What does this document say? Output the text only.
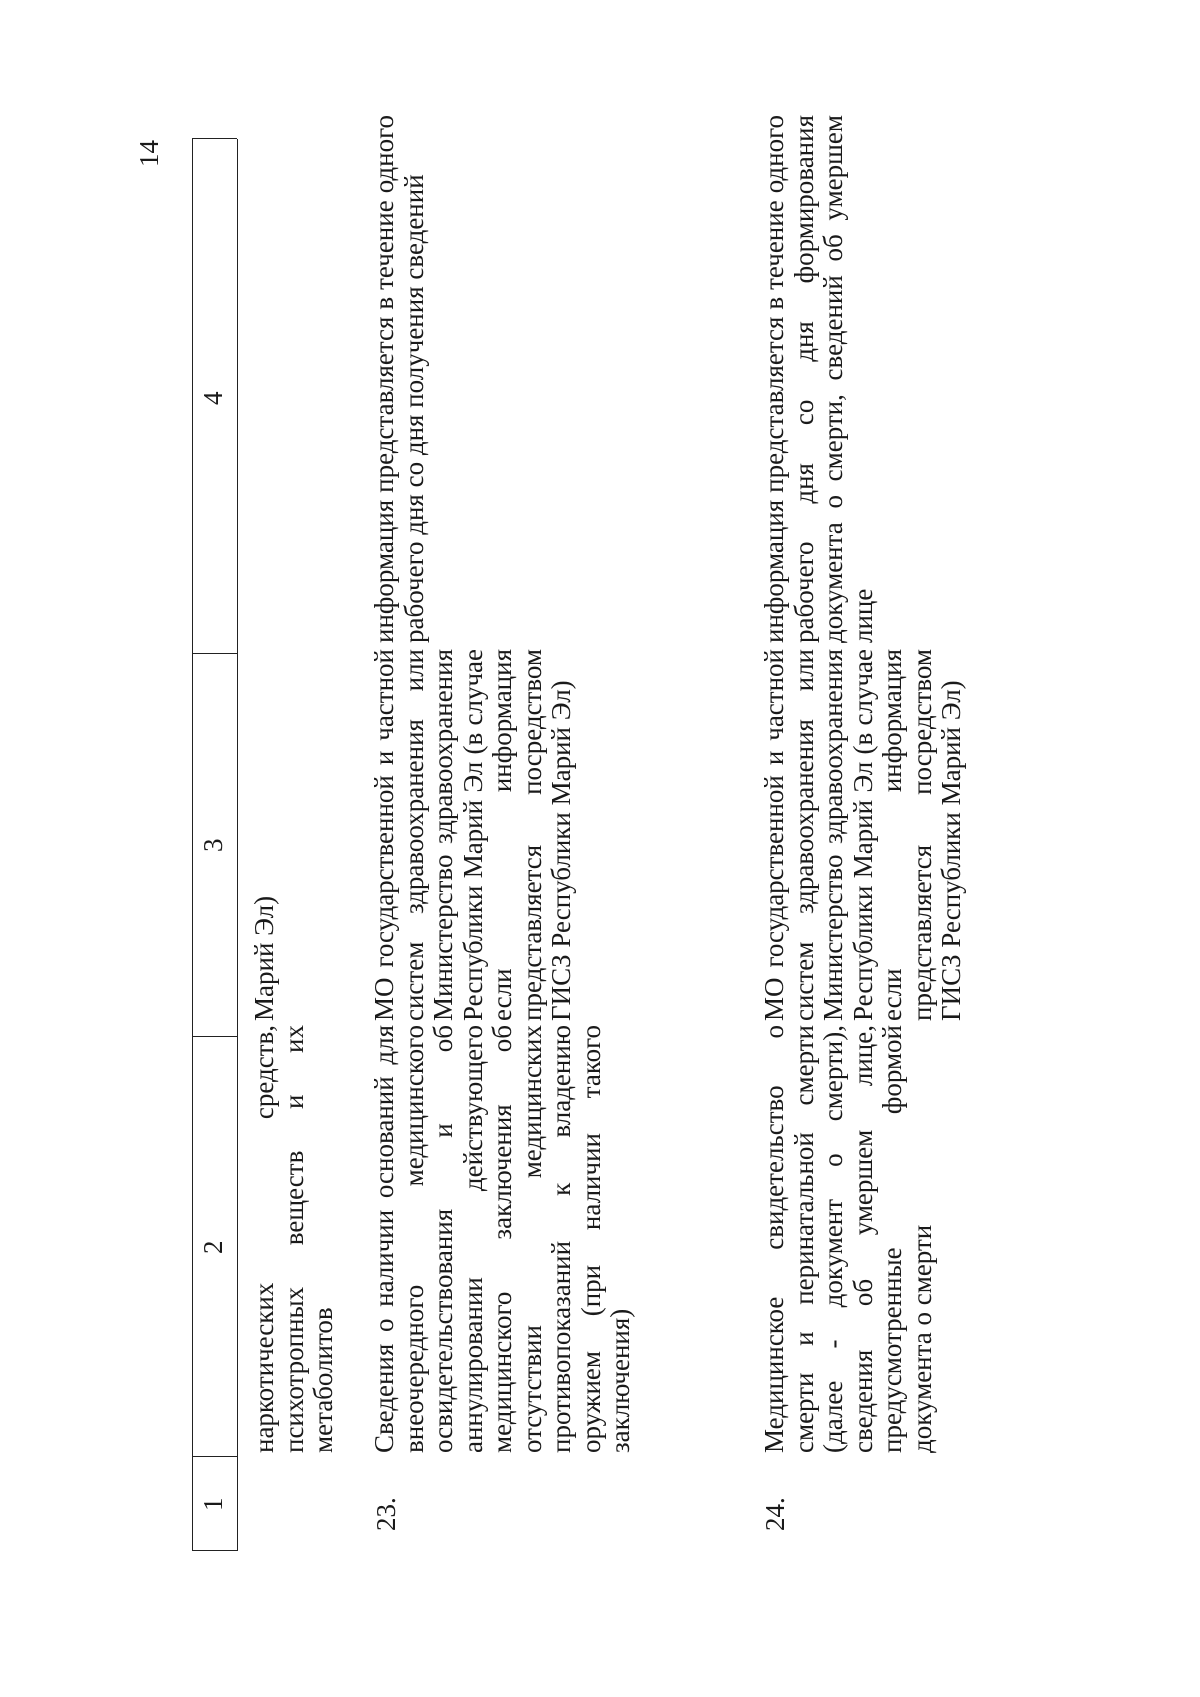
14
1
2
3
4
наркотических средств, психотропных веществ и их метаболитов
Марий Эл)
23.
Сведения о наличии оснований для внеочередного медицинского освидетельствования и об аннулировании действующего медицинского заключения об отсутствии медицинских противопоказаний к владению оружием (при наличии такого заключения)
МО государственной и частной систем здравоохранения или Министерство здравоохранения Республики Марий Эл (в случае если информация представляется посредством ГИСЗ Республики Марий Эл)
информация представляется в течение одного рабочего дня со дня получения сведений
24.
Медицинское свидетельство о смерти и перинатальной смерти (далее - документ о смерти), сведения об умершем лице, предусмотренные формой документа о смерти
МО государственной и частной систем здравоохранения или Министерство здравоохранения Республики Марий Эл (в случае если информация представляется посредством ГИСЗ Республики Марий Эл)
информация представляется в течение одного рабочего дня со дня формирования документа о смерти, сведений об умершем лице
